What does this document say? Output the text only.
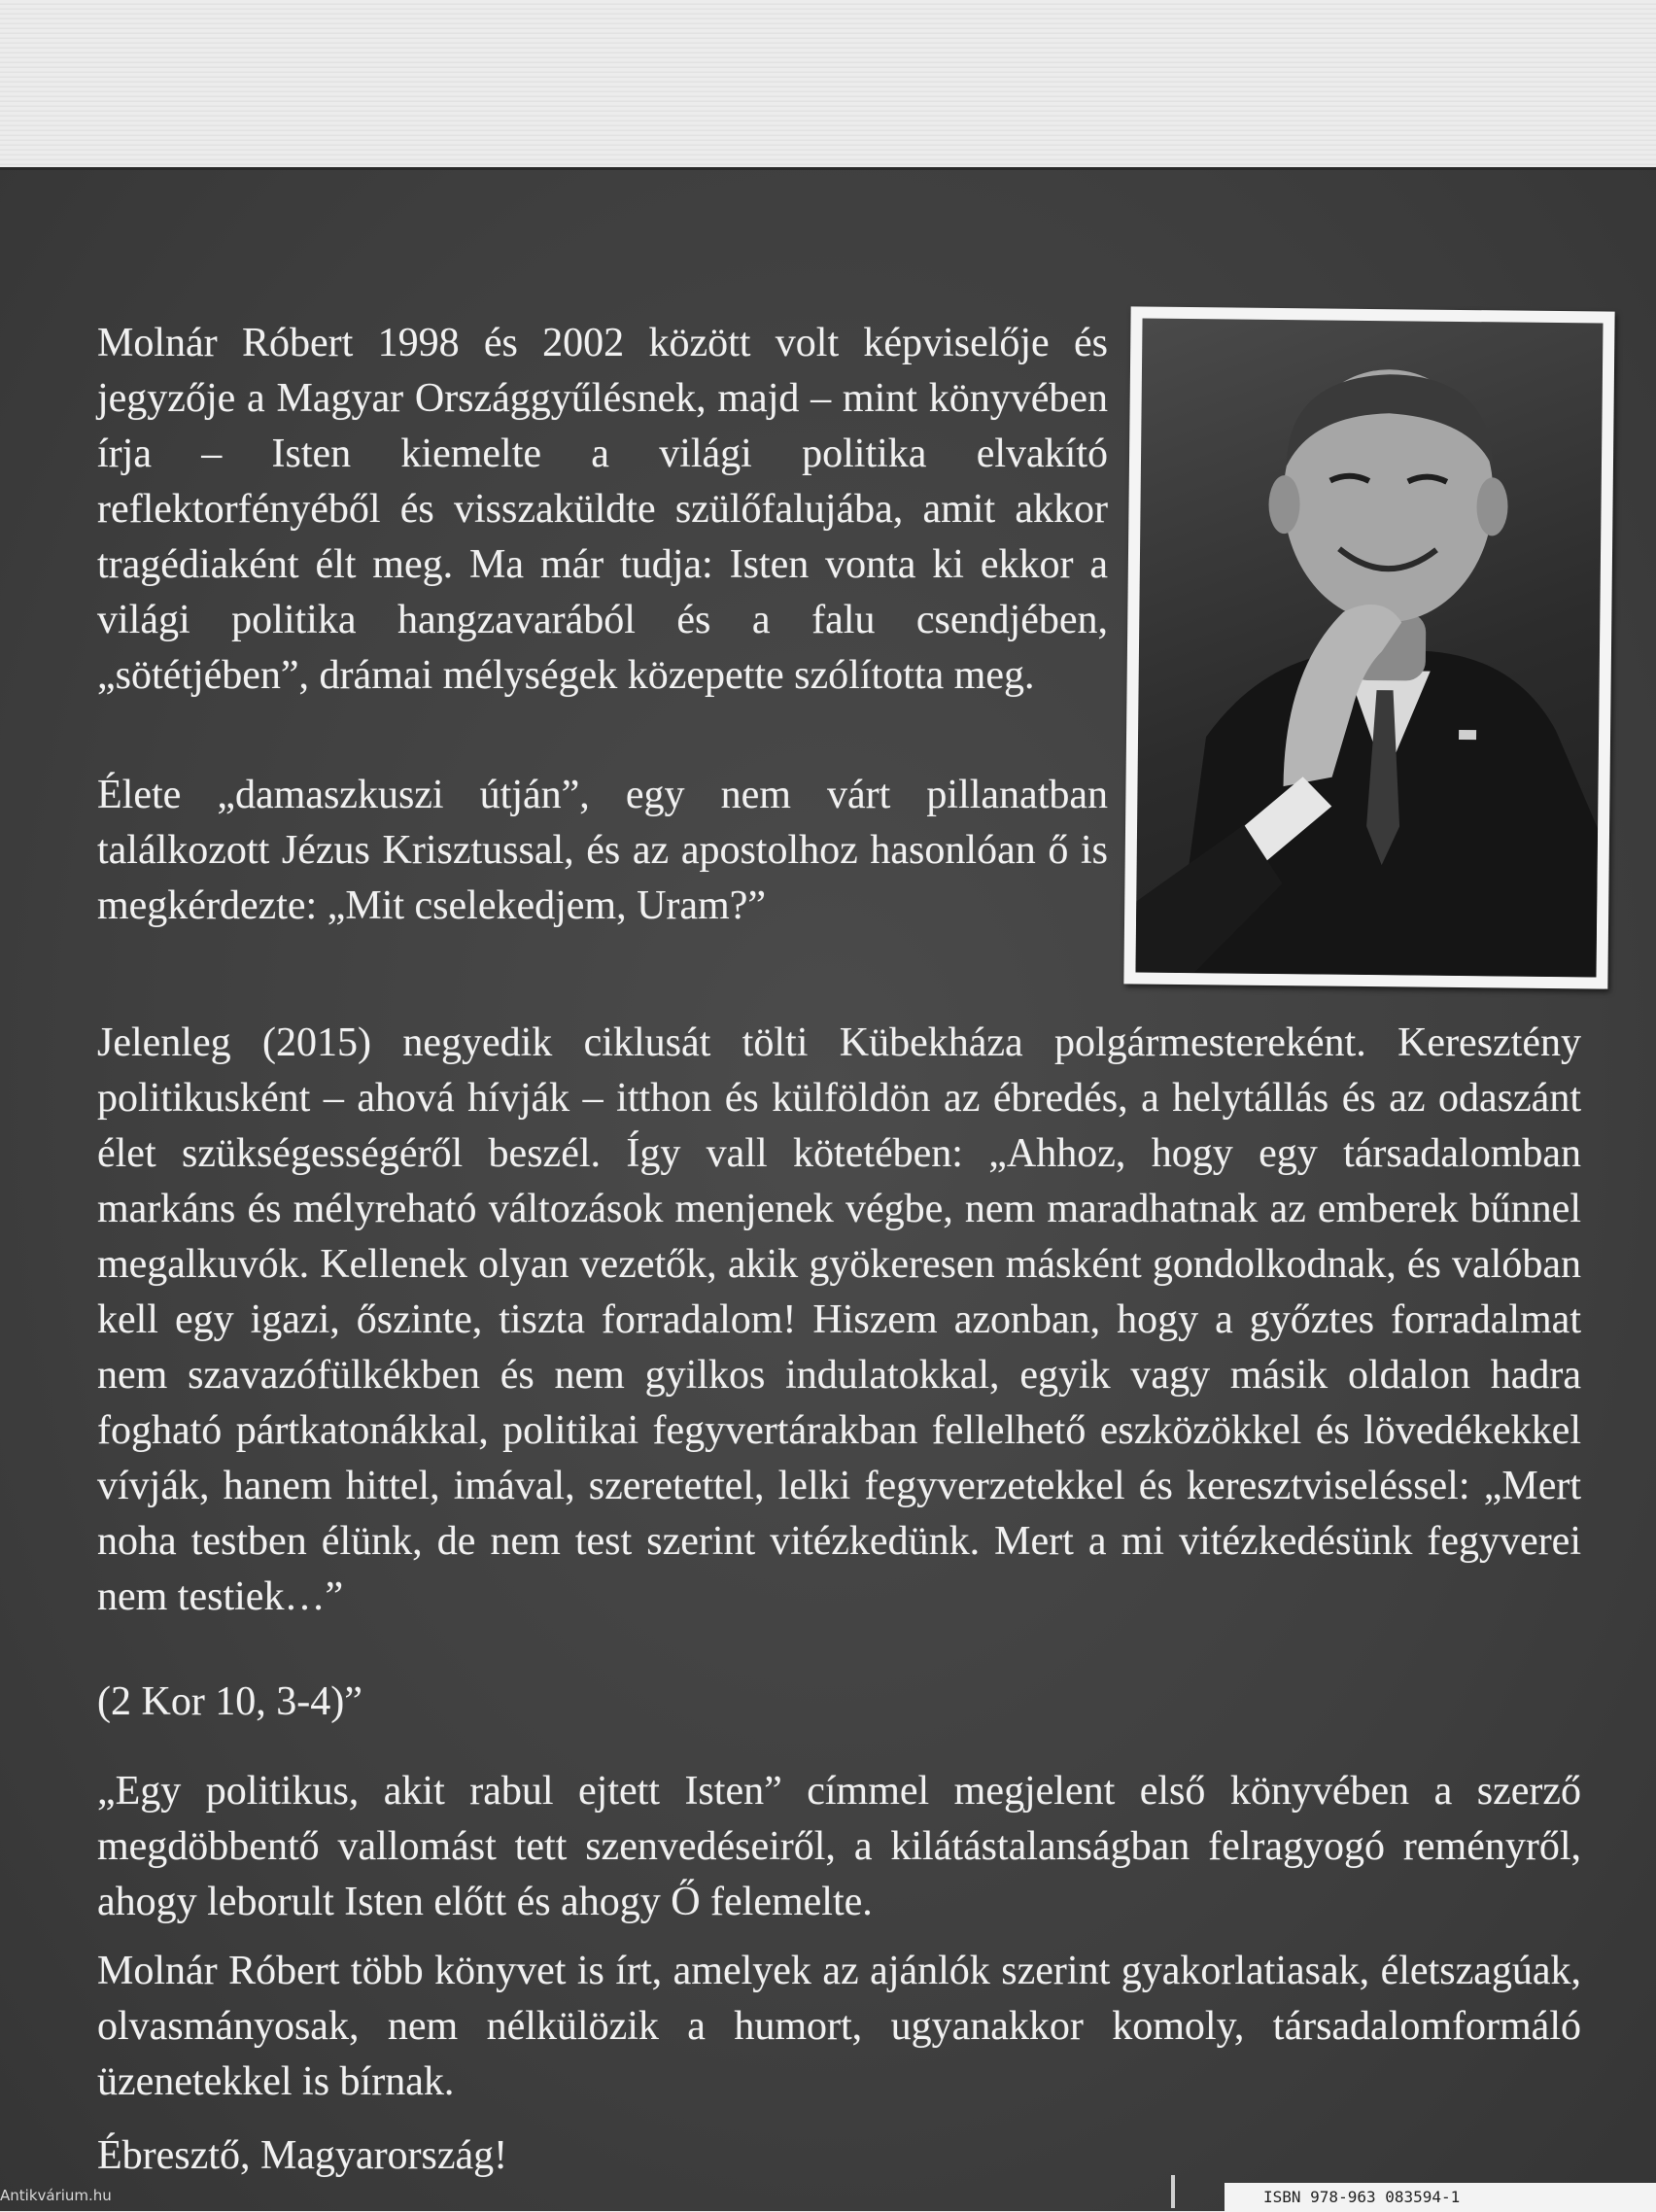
Molnár Róbert 1998 és 2002 között volt képviselője és jegyzője a Magyar Országgyűlésnek, majd – mint könyvében írja – Isten kiemelte a világi politika elvakító reflektorfényéből és visszaküldte szülőfalujába, amit akkor tragédiaként élt meg. Ma már tudja: Isten vonta ki ekkor a világi politika hangzavarából és a falu csendjében, „sötétjében”, drámai mélységek közepette szólította meg.

Élete „damaszkuszi útján”, egy nem várt pillanatban találkozott Jézus Krisztussal, és az apostolhoz hasonlóan ő is megkérdezte: „Mit cselekedjem, Uram?”

Jelenleg (2015) negyedik ciklusát tölti Kübekháza polgármestereként. Keresztény politikusként – ahová hívják – itthon és külföldön az ébredés, a helytállás és az odaszánt élet szükségességéről beszél. Így vall kötetében: „Ahhoz, hogy egy társadalomban markáns és mélyreható változások menjenek végbe, nem maradhatnak az emberek bűnnel megalkuvók. Kellenek olyan vezetők, akik gyökeresen másként gondolkodnak, és valóban kell egy igazi, őszinte, tiszta forradalom! Hiszem azonban, hogy a győztes forradalmat nem szavazófülkékben és nem gyilkos indulatokkal, egyik vagy másik oldalon hadra fogható pártkatonákkal, politikai fegyvertárakban fellelhető eszközökkel és lövedékekkel vívják, hanem hittel, imával, szeretettel, lelki fegyverzetekkel és keresztviseléssel: „Mert noha testben élünk, de nem test szerint vitézkedünk. Mert a mi vitézkedésünk fegyverei nem testiek…”

(2 Kor 10, 3-4)”

„Egy politikus, akit rabul ejtett Isten” címmel megjelent első könyvében a szerző megdöbbentő vallomást tett szenvedéseiről, a kilátástalanságban felragyogó reményről, ahogy leborult Isten előtt és ahogy Ő felemelte.

Molnár Róbert több könyvet is írt, amelyek az ajánlók szerint gyakorlatiasak, életszagúak, olvasmányosak, nem nélkülözik a humort, ugyanakkor komoly, társadalomformáló üzenetekkel is bírnak.

Ébresztő, Magyarország!
ISBN 978-963 083594-1
Antikvárium.hu
